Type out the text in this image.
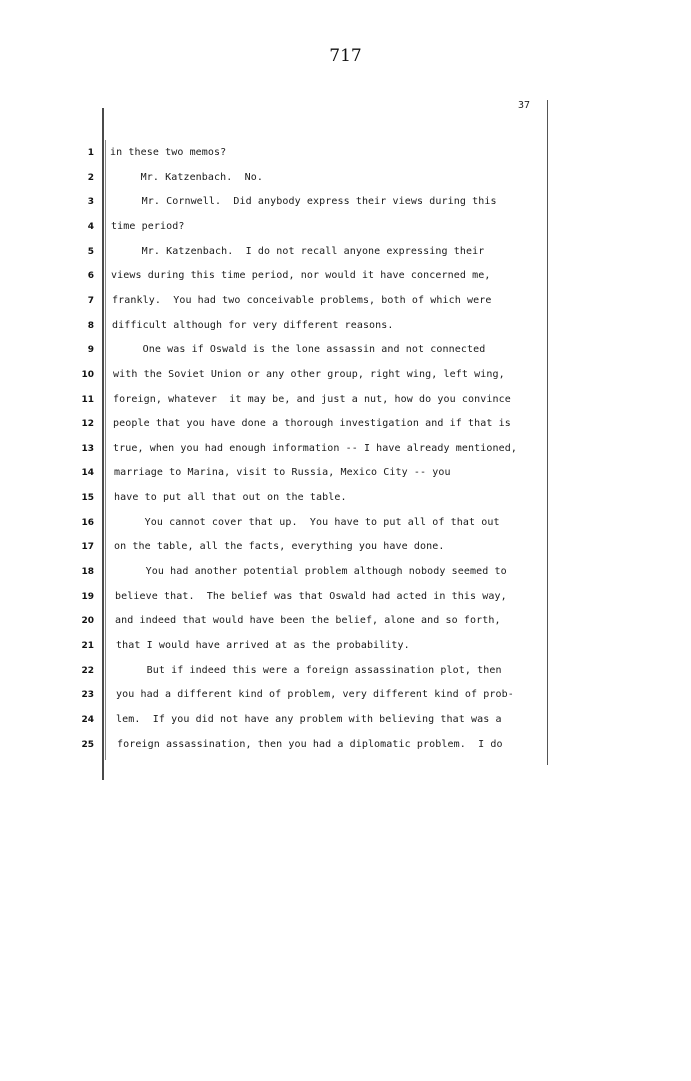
717
37
1
2
3
4
5
6
7
8
9
10
11
12
13
14
15
16
17
18
19
20
21
22
23
24
25
in these two memos?
Mr. Katzenbach.  No.
Mr. Cornwell.  Did anybody express their views during this
time period?
Mr. Katzenbach.  I do not recall anyone expressing their
views during this time period, nor would it have concerned me,
frankly.  You had two conceivable problems, both of which were
difficult although for very different reasons.
One was if Oswald is the lone assassin and not connected
with the Soviet Union or any other group, right wing, left wing,
foreign, whatever  it may be, and just a nut, how do you convince
people that you have done a thorough investigation and if that is
true, when you had enough information -- I have already mentioned,
marriage to Marina, visit to Russia, Mexico City -- you
have to put all that out on the table.
You cannot cover that up.  You have to put all of that out
on the table, all the facts, everything you have done.
You had another potential problem although nobody seemed to
believe that.  The belief was that Oswald had acted in this way,
and indeed that would have been the belief, alone and so forth,
that I would have arrived at as the probability.
But if indeed this were a foreign assassination plot, then
you had a different kind of problem, very different kind of prob-
lem.  If you did not have any problem with believing that was a
foreign assassination, then you had a diplomatic problem.  I do
